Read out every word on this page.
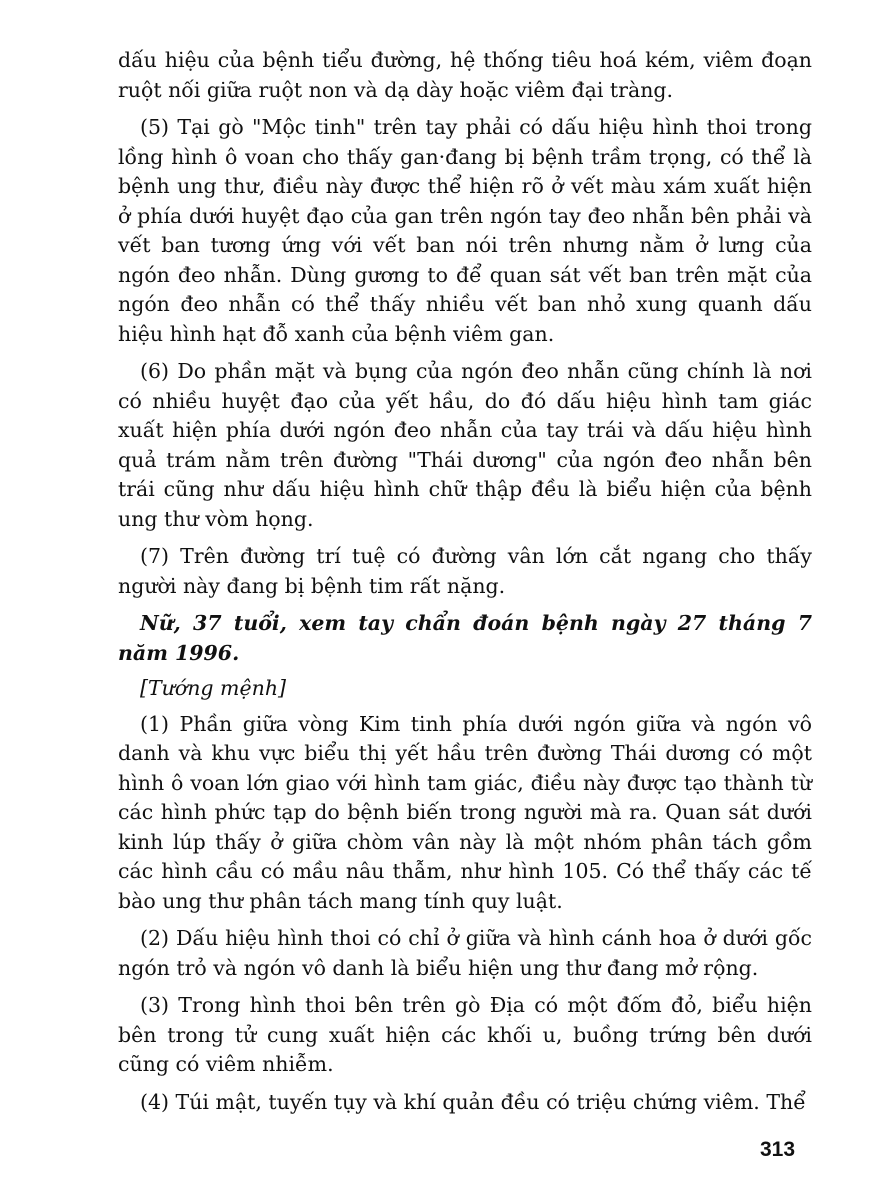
dấu hiệu của bệnh tiểu đường, hệ thống tiêu hoá kém, viêm đoạn ruột nối giữa ruột non và dạ dày hoặc viêm đại tràng.

(5) Tại gò "Mộc tinh" trên tay phải có dấu hiệu hình thoi trong lồng hình ô voan cho thấy gan·đang bị bệnh trầm trọng, có thể là bệnh ung thư, điều này được thể hiện rõ ở vết màu xám xuất hiện ở phía dưới huyệt đạo của gan trên ngón tay đeo nhẫn bên phải và vết ban tương ứng với vết ban nói trên nhưng nằm ở lưng của ngón đeo nhẫn. Dùng gương to để quan sát vết ban trên mặt của ngón đeo nhẫn có thể thấy nhiều vết ban nhỏ xung quanh dấu hiệu hình hạt đỗ xanh của bệnh viêm gan.

(6) Do phần mặt và bụng của ngón đeo nhẫn cũng chính là nơi có nhiều huyệt đạo của yết hầu, do đó dấu hiệu hình tam giác xuất hiện phía dưới ngón đeo nhẫn của tay trái và dấu hiệu hình quả trám nằm trên đường "Thái dương" của ngón đeo nhẫn bên trái cũng như dấu hiệu hình chữ thập đều là biểu hiện của bệnh ung thư vòm họng.

(7) Trên đường trí tuệ có đường vân lớn cắt ngang cho thấy người này đang bị bệnh tim rất nặng.

Nữ, 37 tuổi, xem tay chẩn đoán bệnh ngày 27 tháng 7 năm 1996.

[Tướng mệnh]

(1) Phần giữa vòng Kim tinh phía dưới ngón giữa và ngón vô danh và khu vực biểu thị yết hầu trên đường Thái dương có một hình ô voan lớn giao với hình tam giác, điều này được tạo thành từ các hình phức tạp do bệnh biến trong người mà ra. Quan sát dưới kinh lúp thấy ở giữa chòm vân này là một nhóm phân tách gồm các hình cầu có mầu nâu thẫm, như hình 105. Có thể thấy các tế bào ung thư phân tách mang tính quy luật.

(2) Dấu hiệu hình thoi có chỉ ở giữa và hình cánh hoa ở dưới gốc ngón trỏ và ngón vô danh là biểu hiện ung thư đang mở rộng.

(3) Trong hình thoi bên trên gò Địa có một đốm đỏ, biểu hiện bên trong tử cung xuất hiện các khối u, buồng trứng bên dưới cũng có viêm nhiễm.

(4) Túi mật, tuyến tụy và khí quản đều có triệu chứng viêm. Thể

313
